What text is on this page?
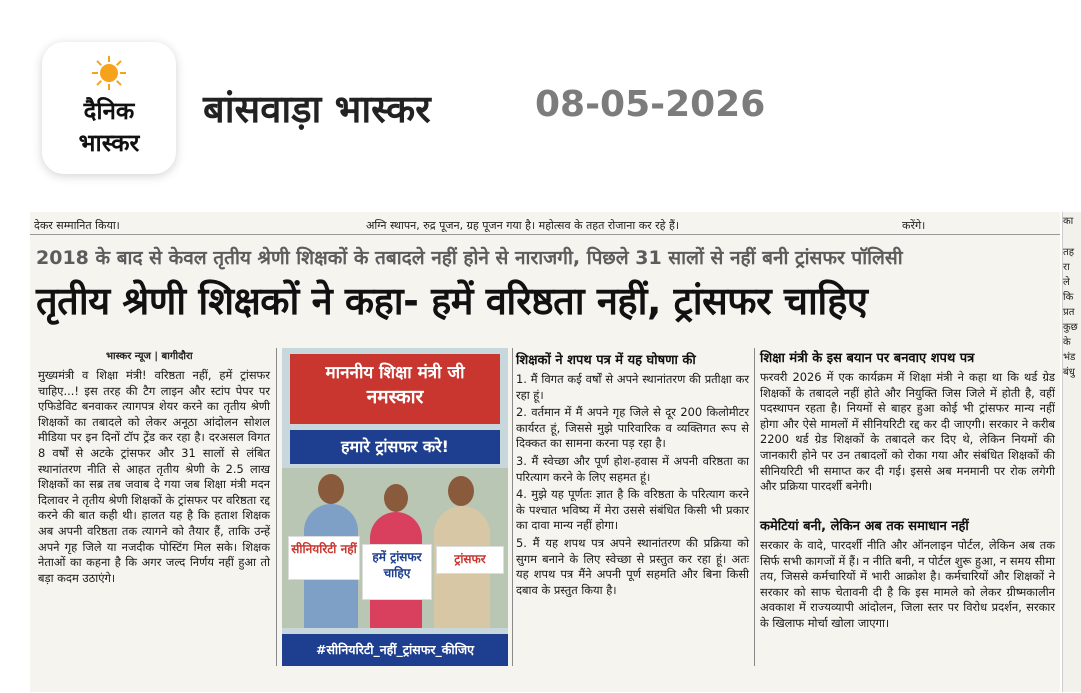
दैनिक
भास्कर
बांसवाड़ा भास्कर	08-05-2026
देकर सम्मानित किया।	अग्नि स्थापन, रुद्र पूजन, ग्रह पूजन गया है। महोत्सव के तहत रोजाना कर रहे हैं।	करेंगे।
2018 के बाद से केवल तृतीय श्रेणी शिक्षकों के तबादले नहीं होने से नाराजगी, पिछले 31 सालों से नहीं बनी ट्रांसफर पॉलिसी
तृतीय श्रेणी शिक्षकों ने कहा- हमें वरिष्ठता नहीं, ट्रांसफर चाहिए
भास्कर न्यूज | बागीदौरा
मुख्यमंत्री व शिक्षा मंत्री! वरिष्ठता नहीं, हमें ट्रांसफर चाहिए...! इस तरह की टैग लाइन और स्टांप पेपर पर एफिडेविट बनवाकर त्यागपत्र शेयर करने का तृतीय श्रेणी शिक्षकों का तबादले को लेकर अनूठा आंदोलन सोशल मीडिया पर इन दिनों टॉप ट्रेंड कर रहा है। दरअसल विगत 8 वर्षों से अटके ट्रांसफर और 31 सालों से लंबित स्थानांतरण नीति से आहत तृतीय श्रेणी के 2.5 लाख शिक्षकों का सब्र तब जवाब दे गया जब शिक्षा मंत्री मदन दिलावर ने तृतीय श्रेणी शिक्षकों के ट्रांसफर पर वरिष्ठता रद्द करने की बात कही थी। हालत यह है कि हताश शिक्षक अब अपनी वरिष्ठता तक त्यागने को तैयार हैं, ताकि उन्हें अपने गृह जिले या नजदीक पोस्टिंग मिल सके। शिक्षक नेताओं का कहना है कि अगर जल्द निर्णय नहीं हुआ तो बड़ा कदम उठाएंगे।
माननीय शिक्षा मंत्री जी
नमस्कार
हमारे ट्रांसफर करे!
सीनियरिटी नहीं
हमें ट्रांसफर चाहिए
ट्रांसफर
#सीनियरिटी_नहीं_ट्रांसफर_कीजिए
शिक्षकों ने शपथ पत्र में यह घोषणा की

1. मैं विगत कई वर्षों से अपने स्थानांतरण की प्रतीक्षा कर रहा हूं।

2. वर्तमान में मैं अपने गृह जिले से दूर 200 किलोमीटर कार्यरत हूं, जिससे मुझे पारिवारिक व व्यक्तिगत रूप से दिक्कत का सामना करना पड़ रहा है।

3. मैं स्वेच्छा और पूर्ण होश-हवास में अपनी वरिष्ठता का परित्याग करने के लिए सहमत हूं।

4. मुझे यह पूर्णतः ज्ञात है कि वरिष्ठता के परित्याग करने के पश्चात भविष्य में मेरा उससे संबंधित किसी भी प्रकार का दावा मान्य नहीं होगा।

5. मैं यह शपथ पत्र अपने स्थानांतरण की प्रक्रिया को सुगम बनाने के लिए स्वेच्छा से प्रस्तुत कर रहा हूं। अतः यह शपथ पत्र मैंने अपनी पूर्ण सहमति और बिना किसी दबाव के प्रस्तुत किया है।

शिक्षा मंत्री के इस बयान पर बनवाए शपथ पत्र
फरवरी 2026 में एक कार्यक्रम में शिक्षा मंत्री ने कहा था कि थर्ड ग्रेड शिक्षकों के तबादले नहीं होते और नियुक्ति जिस जिले में होती है, वहीं पदस्थापन रहता है। नियमों से बाहर हुआ कोई भी ट्रांसफर मान्य नहीं होगा और ऐसे मामलों में सीनियरिटी रद्द कर दी जाएगी। सरकार ने करीब 2200 थर्ड ग्रेड शिक्षकों के तबादले कर दिए थे, लेकिन नियमों की जानकारी होने पर उन तबादलों को रोका गया और संबंधित शिक्षकों की सीनियरिटी भी समाप्त कर दी गई। इससे अब मनमानी पर रोक लगेगी और प्रक्रिया पारदर्शी बनेगी।
कमेटियां बनी, लेकिन अब तक समाधान नहीं
सरकार के वादे, पारदर्शी नीति और ऑनलाइन पोर्टल, लेकिन अब तक सिर्फ सभी कागजों में हैं। न नीति बनी, न पोर्टल शुरू हुआ, न समय सीमा तय, जिससे कर्मचारियों में भारी आक्रोश है। कर्मचारियों और शिक्षकों ने सरकार को साफ चेतावनी दी है कि इस मामले को लेकर ग्रीष्मकालीन अवकाश में राज्यव्यापी आंदोलन, जिला स्तर पर विरोध प्रदर्शन, सरकार के खिलाफ मोर्चा खोला जाएगा।
का
तह
रा
ले
कि
प्रत
कुछ
के
भंड
बंधु
